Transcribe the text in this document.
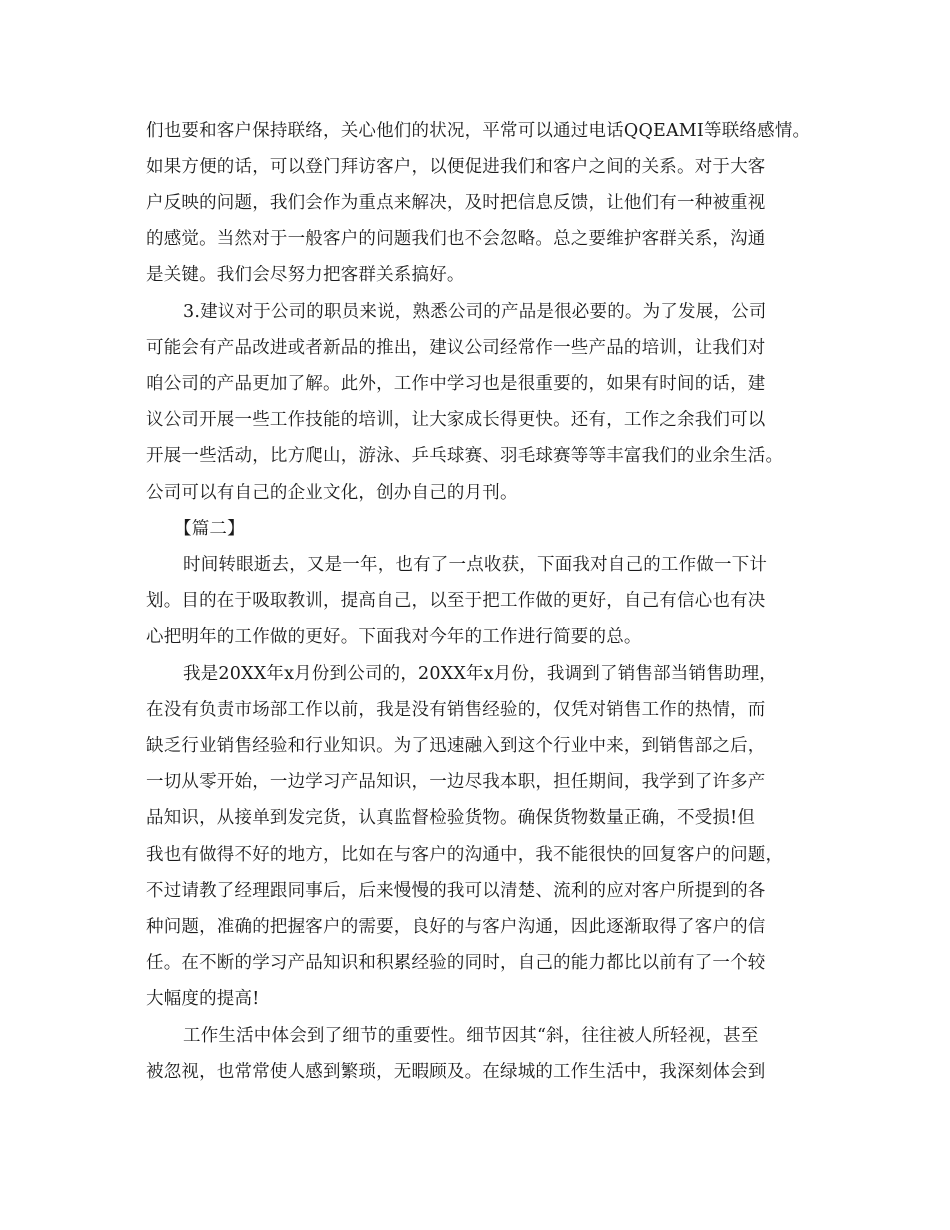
们也要和客户保持联络，关心他们的状况，平常可以通过电话QQEAMI等联络感情。
如果方便的话，可以登门拜访客户，以便促进我们和客户之间的关系。对于大客
户反映的问题，我们会作为重点来解决，及时把信息反馈，让他们有一种被重视
的感觉。当然对于一般客户的问题我们也不会忽略。总之要维护客群关系，沟通
是关键。我们会尽努力把客群关系搞好。
3.建议对于公司的职员来说，熟悉公司的产品是很必要的。为了发展，公司
可能会有产品改进或者新品的推出，建议公司经常作一些产品的培训，让我们对
咱公司的产品更加了解。此外，工作中学习也是很重要的，如果有时间的话，建
议公司开展一些工作技能的培训，让大家成长得更快。还有，工作之余我们可以
开展一些活动，比方爬山，游泳、乒乓球赛、羽毛球赛等等丰富我们的业余生活。
公司可以有自己的企业文化，创办自己的月刊。
【篇二】
时间转眼逝去，又是一年，也有了一点收获，下面我对自己的工作做一下计
划。目的在于吸取教训，提高自己，以至于把工作做的更好，自己有信心也有决
心把明年的工作做的更好。下面我对今年的工作进行简要的总。
我是20XX年x月份到公司的，20XX年x月份，我调到了销售部当销售助理，
在没有负责市场部工作以前，我是没有销售经验的，仅凭对销售工作的热情，而
缺乏行业销售经验和行业知识。为了迅速融入到这个行业中来，到销售部之后，
一切从零开始，一边学习产品知识，一边尽我本职，担任期间，我学到了许多产
品知识，从接单到发完货，认真监督检验货物。确保货物数量正确，不受损!但
我也有做得不好的地方，比如在与客户的沟通中，我不能很快的回复客户的问题，
不过请教了经理跟同事后，后来慢慢的我可以清楚、流利的应对客户所提到的各
种问题，准确的把握客户的需要，良好的与客户沟通，因此逐渐取得了客户的信
任。在不断的学习产品知识和积累经验的同时，自己的能力都比以前有了一个较
大幅度的提高!
工作生活中体会到了细节的重要性。细节因其“斜，往往被人所轻视，甚至
被忽视，也常常使人感到繁琐，无暇顾及。在绿城的工作生活中，我深刻体会到
